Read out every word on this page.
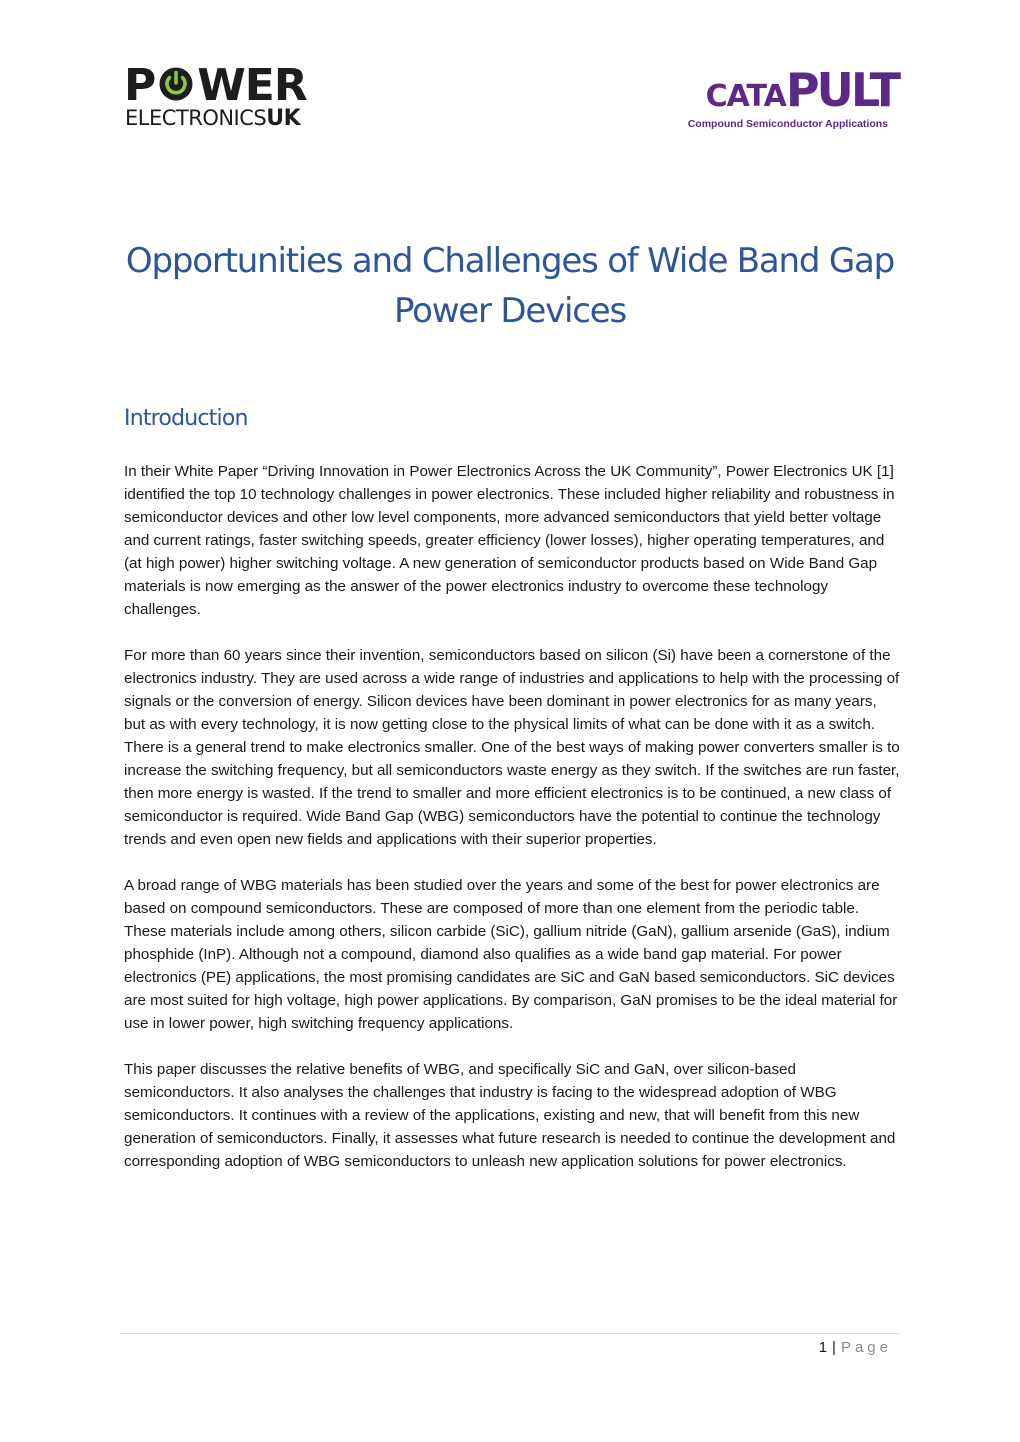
P WER
ELECTRONICSUK
CATAPULT
Compound Semiconductor Applications
Opportunities and Challenges of Wide Band Gap Power Devices
Introduction

In their White Paper “Driving Innovation in Power Electronics Across the UK Community”, Power Electronics UK [1] identified the top 10 technology challenges in power electronics. These included higher reliability and robustness in semiconductor devices and other low level components, more advanced semiconductors that yield better voltage and current ratings, faster switching speeds, greater efficiency (lower losses), higher operating temperatures, and (at high power) higher switching voltage. A new generation of semiconductor products based on Wide Band Gap materials is now emerging as the answer of the power electronics industry to overcome these technology challenges.

For more than 60 years since their invention, semiconductors based on silicon (Si) have been a cornerstone of the electronics industry. They are used across a wide range of industries and applications to help with the processing of signals or the conversion of energy. Silicon devices have been dominant in power electronics for as many years, but as with every technology, it is now getting close to the physical limits of what can be done with it as a switch. There is a general trend to make electronics smaller. One of the best ways of making power converters smaller is to increase the switching frequency, but all semiconductors waste energy as they switch. If the switches are run faster, then more energy is wasted. If the trend to smaller and more efficient electronics is to be continued, a new class of semiconductor is required. Wide Band Gap (WBG) semiconductors have the potential to continue the technology trends and even open new fields and applications with their superior properties.

A broad range of WBG materials has been studied over the years and some of the best for power electronics are based on compound semiconductors. These are composed of more than one element from the periodic table. These materials include among others, silicon carbide (SiC), gallium nitride (GaN), gallium arsenide (GaS), indium phosphide (InP). Although not a compound, diamond also qualifies as a wide band gap material. For power electronics (PE) applications, the most promising candidates are SiC and GaN based semiconductors. SiC devices are most suited for high voltage, high power applications. By comparison, GaN promises to be the ideal material for use in lower power, high switching frequency applications.

This paper discusses the relative benefits of WBG, and specifically SiC and GaN, over silicon-based semiconductors. It also analyses the challenges that industry is facing to the widespread adoption of WBG semiconductors. It continues with a review of the applications, existing and new, that will benefit from this new generation of semiconductors. Finally, it assesses what future research is needed to continue the development and corresponding adoption of WBG semiconductors to unleash new application solutions for power electronics.

1 | Page
